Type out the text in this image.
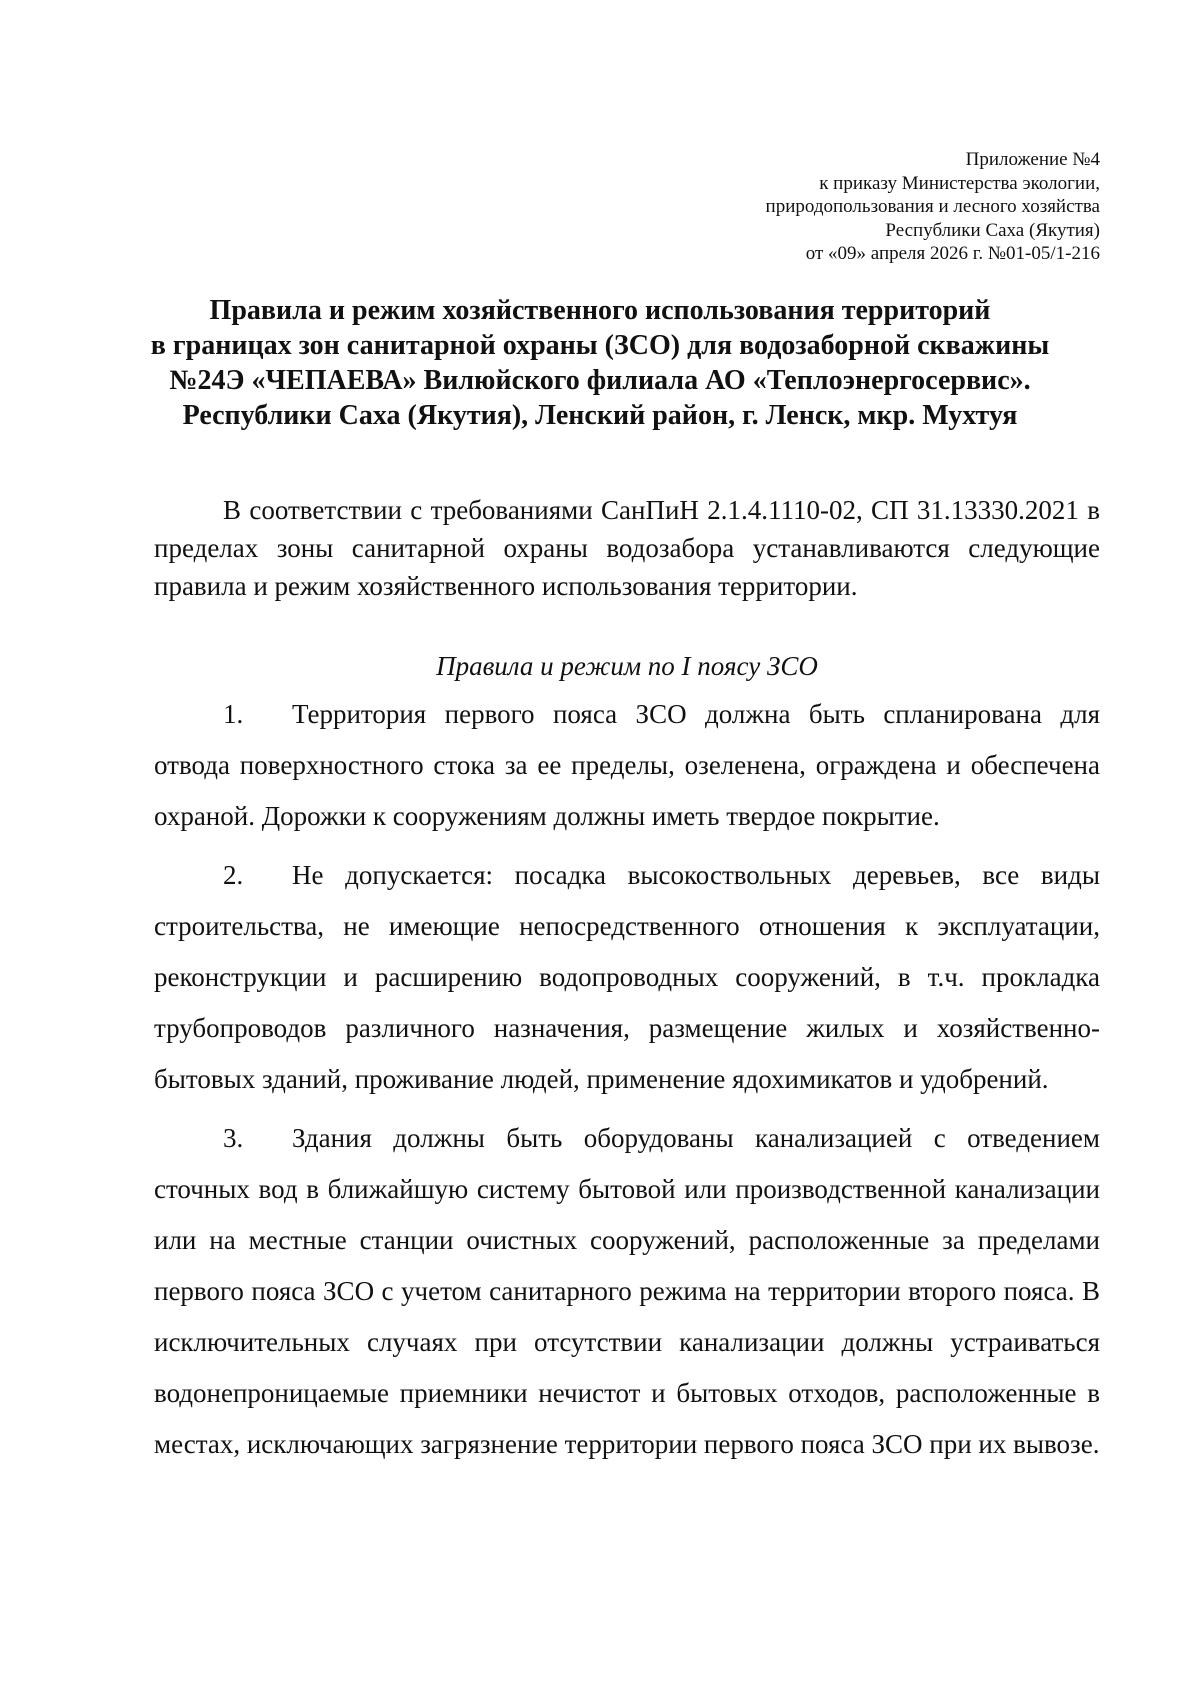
Приложение №4
к приказу Министерства экологии,
природопользования и лесного хозяйства
Республики Саха (Якутия)
от «09» апреля 2026 г. №01-05/1-216
Правила и режим хозяйственного использования территорий
в границах зон санитарной охраны (ЗСО) для водозаборной скважины
№24Э «ЧЕПАЕВА» Вилюйского филиала АО «Теплоэнергосервис».
Республики Саха (Якутия), Ленский район, г. Ленск, мкр. Мухтуя

В соответствии с требованиями СанПиН 2.1.4.1110-02, СП 31.13330.2021 в пределах зоны санитарной охраны водозабора устанавливаются следующие правила и режим хозяйственного использования территории.

Правила и режим по I поясу ЗСО

1. Территория первого пояса ЗСО должна быть спланирована для отвода поверхностного стока за ее пределы, озеленена, ограждена и обеспечена охраной. Дорожки к сооружениям должны иметь твердое покрытие.

2. Не допускается: посадка высокоствольных деревьев, все виды строительства, не имеющие непосредственного отношения к эксплуатации, реконструкции и расширению водопроводных сооружений, в т.ч. прокладка трубопроводов различного назначения, размещение жилых и хозяйственно-бытовых зданий, проживание людей, применение ядохимикатов и удобрений.

3. Здания должны быть оборудованы канализацией с отведением сточных вод в ближайшую систему бытовой или производственной канализации или на местные станции очистных сооружений, расположенные за пределами первого пояса ЗСО с учетом санитарного режима на территории второго пояса. В исключительных случаях при отсутствии канализации должны устраиваться водонепроницаемые приемники нечистот и бытовых отходов, расположенные в местах, исключающих загрязнение территории первого пояса ЗСО при их вывозе.
